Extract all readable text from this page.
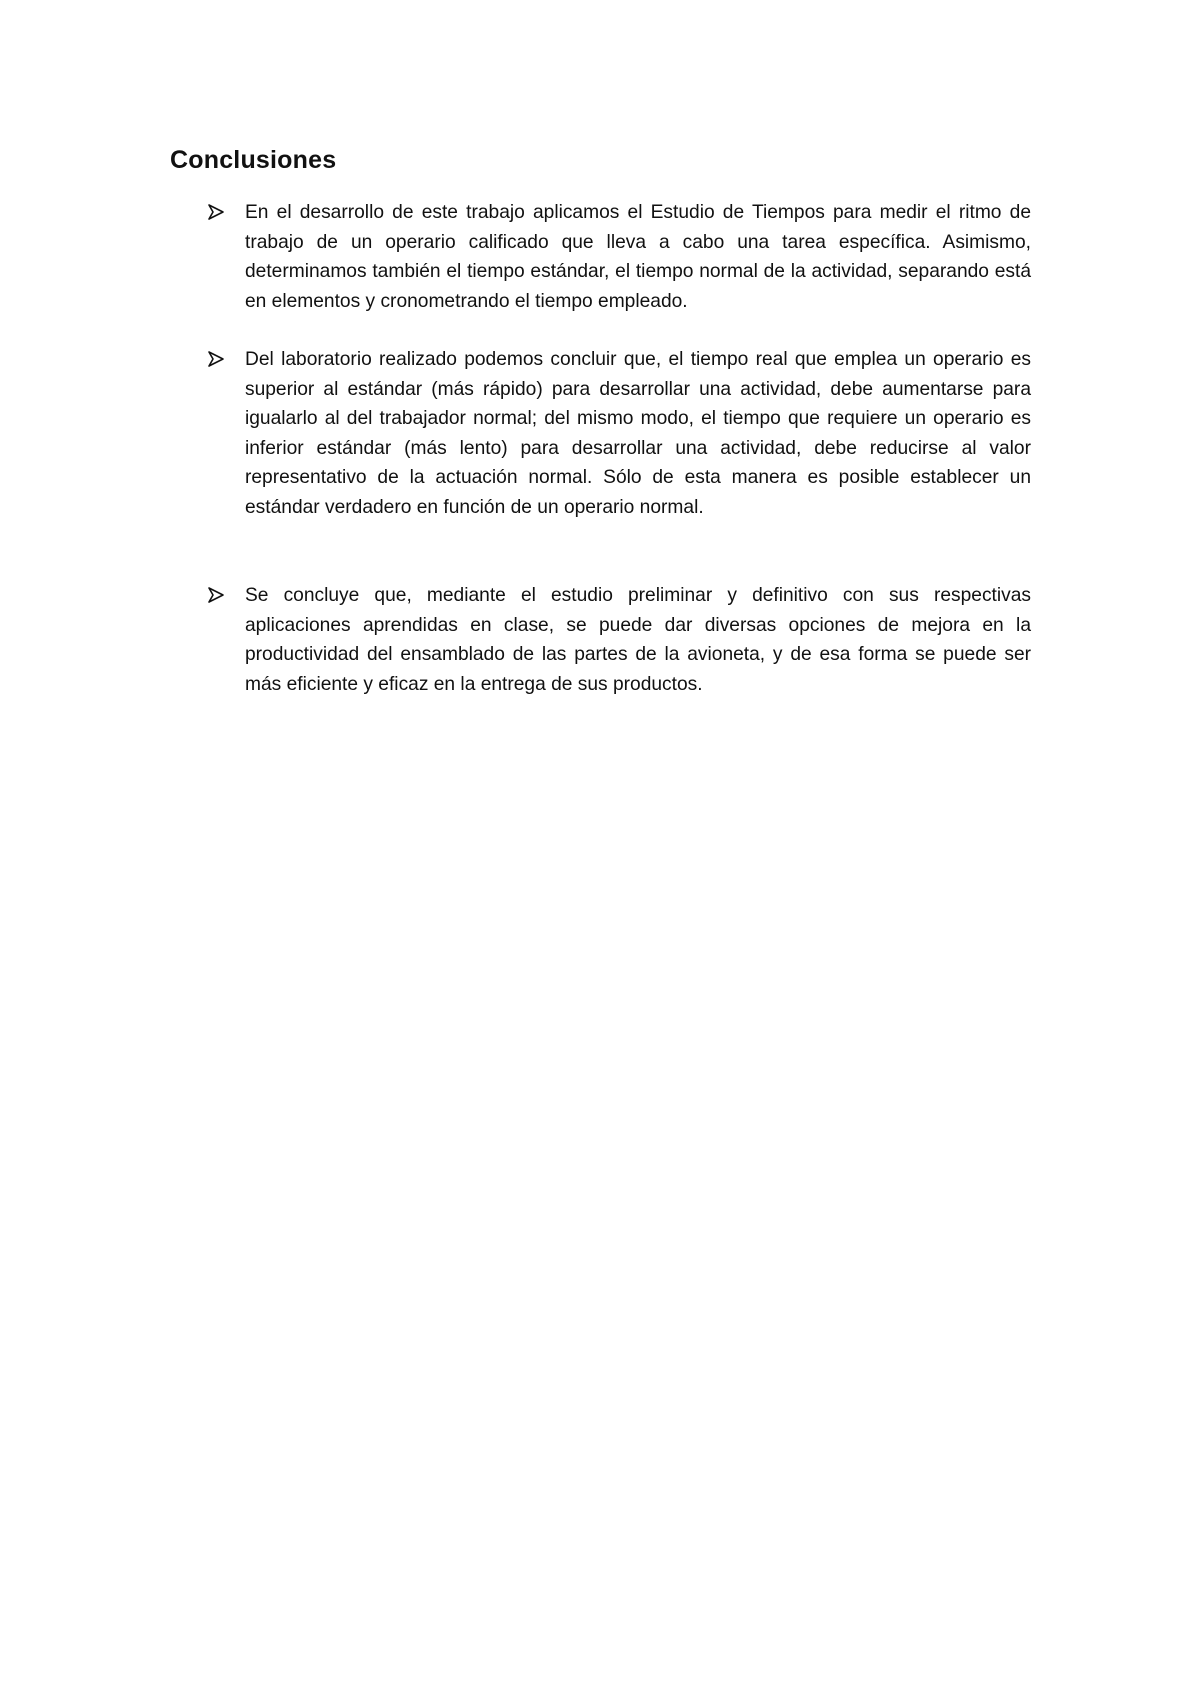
Conclusiones

En el desarrollo de este trabajo aplicamos el Estudio de Tiempos para medir el ritmo de trabajo de un operario calificado que lleva a cabo una tarea específica. Asimismo, determinamos también el tiempo estándar, el tiempo normal de la actividad, separando está en elementos y cronometrando el tiempo empleado.

Del laboratorio realizado podemos concluir que, el tiempo real que emplea un operario es superior al estándar (más rápido) para desarrollar una actividad, debe aumentarse para igualarlo al del trabajador normal; del mismo modo, el tiempo que requiere un operario es inferior estándar (más lento) para desarrollar una actividad, debe reducirse al valor representativo de la actuación normal. Sólo de esta manera es posible establecer un estándar verdadero en función de un operario normal.

Se concluye que, mediante el estudio preliminar y definitivo con sus respectivas aplicaciones aprendidas en clase, se puede dar diversas opciones de mejora en la productividad del ensamblado de las partes de la avioneta, y de esa forma se puede ser más eficiente y eficaz en la entrega de sus productos.
